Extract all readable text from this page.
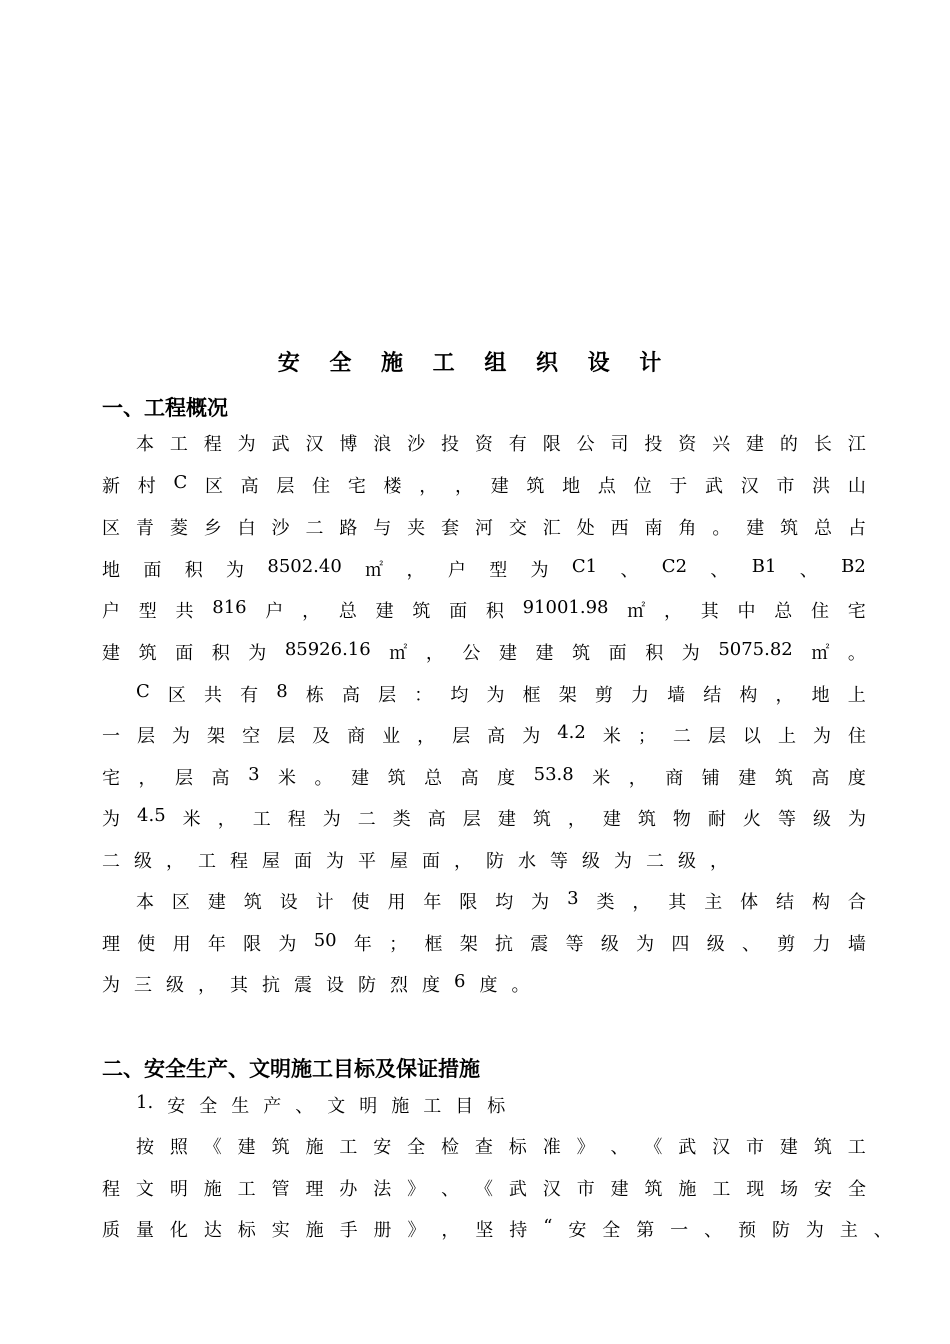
安 全 施 工 组 织 设 计
一、工程概况

本 工 程 为 武 汉 博 浪 沙 投 资 有 限 公 司 投 资 兴 建 的 长 江

新 村 C 区 高 层 住 宅 楼 ， ， 建 筑 地 点 位 于 武 汉 市 洪 山

区 青 菱 乡 白 沙 二 路 与 夹 套 河 交 汇 处 西 南 角 。 建 筑 总 占

地 面 积 为 8502.40 ㎡ ， 户 型 为 C1 、 C2 、 B1 、 B2

户 型 共 816 户 ， 总 建 筑 面 积 91001.98 ㎡ ， 其 中 总 住 宅

建 筑 面 积 为 85926.16 ㎡ ， 公 建 建 筑 面 积 为 5075.82 ㎡ 。

C 区 共 有 8 栋 高 层 ： 均 为 框 架 剪 力 墙 结 构 ， 地 上

一 层 为 架 空 层 及 商 业 ， 层 高 为 4.2 米 ； 二 层 以 上 为 住

宅 ， 层 高 3 米 。 建 筑 总 高 度 53.8 米 ， 商 铺 建 筑 高 度

为 4.5 米 ， 工 程 为 二 类 高 层 建 筑 ， 建 筑 物 耐 火 等 级 为

二 级 ， 工 程 屋 面 为 平 屋 面 ， 防 水 等 级 为 二 级 ，

本 区 建 筑 设 计 使 用 年 限 均 为 3 类 ， 其 主 体 结 构 合

理 使 用 年 限 为 50 年 ； 框 架 抗 震 等 级 为 四 级 、 剪 力 墙

为 三 级 ， 其 抗 震 设 防 烈 度 6 度 。

二、安全生产、文明施工目标及保证措施

1. 安 全 生 产 、 文 明 施 工 目 标

按 照 《 建 筑 施 工 安 全 检 查 标 准 》 、 《 武 汉 市 建 筑 工

程 文 明 施 工 管 理 办 法 》 、 《 武 汉 市 建 筑 施 工 现 场 安 全

质 量 化 达 标 实 施 手 册 》 ， 坚 持 “ 安 全 第 一 、 预 防 为 主 、
